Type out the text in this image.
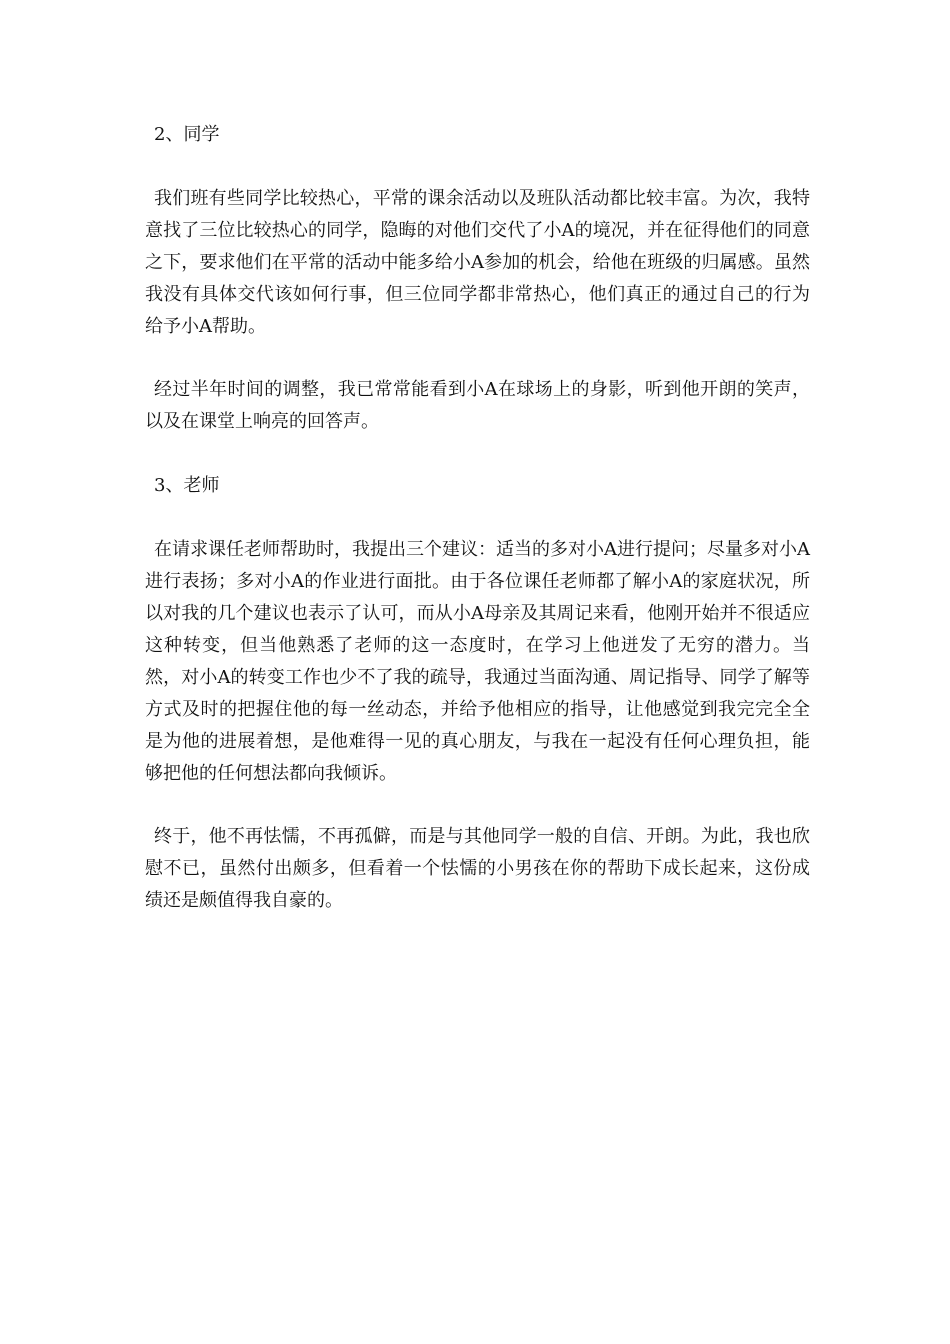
2、同学

我们班有些同学比较热心，平常的课余活动以及班队活动都比较丰富。为次，我特意找了三位比较热心的同学，隐晦的对他们交代了小A的境况，并在征得他们的同意之下，要求他们在平常的活动中能多给小A参加的机会，给他在班级的归属感。虽然我没有具体交代该如何行事，但三位同学都非常热心，他们真正的通过自己的行为给予小A帮助。

经过半年时间的调整，我已常常能看到小A在球场上的身影，听到他开朗的笑声，以及在课堂上响亮的回答声。

3、老师

在请求课任老师帮助时，我提出三个建议：适当的多对小A进行提问；尽量多对小A进行表扬；多对小A的作业进行面批。由于各位课任老师都了解小A的家庭状况，所以对我的几个建议也表示了认可，而从小A母亲及其周记来看，他刚开始并不很适应这种转变，但当他熟悉了老师的这一态度时，在学习上他迸发了无穷的潜力。当然，对小A的转变工作也少不了我的疏导，我通过当面沟通、周记指导、同学了解等方式及时的把握住他的每一丝动态，并给予他相应的指导，让他感觉到我完完全全是为他的进展着想，是他难得一见的真心朋友，与我在一起没有任何心理负担，能够把他的任何想法都向我倾诉。

终于，他不再怯懦，不再孤僻，而是与其他同学一般的自信、开朗。为此，我也欣慰不已，虽然付出颇多，但看着一个怯懦的小男孩在你的帮助下成长起来，这份成绩还是颇值得我自豪的。
